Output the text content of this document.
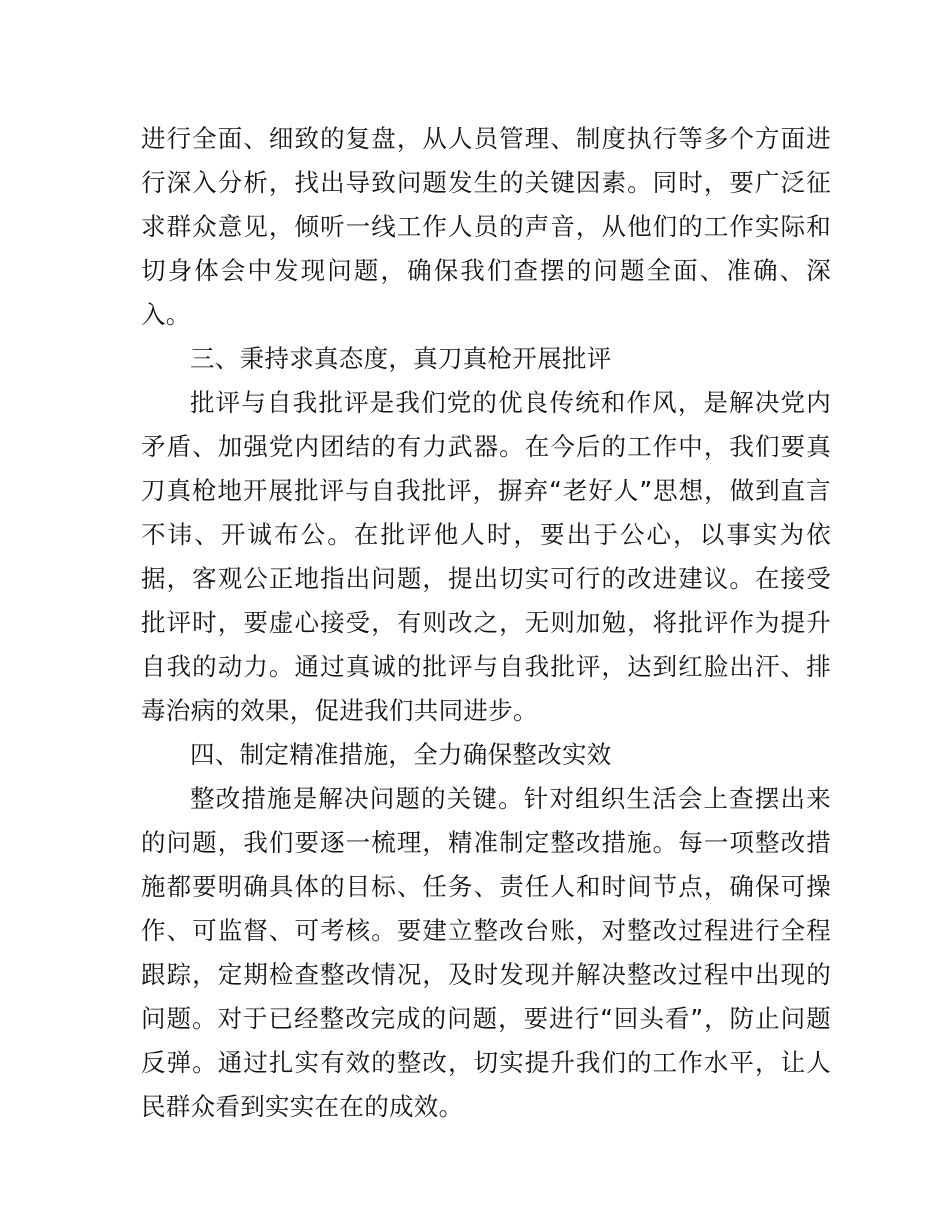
进行全面、细致的复盘，从人员管理、制度执行等多个方面进行深入分析，找出导致问题发生的关键因素。同时，要广泛征求群众意见，倾听一线工作人员的声音，从他们的工作实际和切身体会中发现问题，确保我们查摆的问题全面、准确、深入。

三、秉持求真态度，真刀真枪开展批评

批评与自我批评是我们党的优良传统和作风，是解决党内矛盾、加强党内团结的有力武器。在今后的工作中，我们要真刀真枪地开展批评与自我批评，摒弃“老好人”思想，做到直言不讳、开诚布公。在批评他人时，要出于公心，以事实为依据，客观公正地指出问题，提出切实可行的改进建议。在接受批评时，要虚心接受，有则改之，无则加勉，将批评作为提升自我的动力。通过真诚的批评与自我批评，达到红脸出汗、排毒治病的效果，促进我们共同进步。

四、制定精准措施，全力确保整改实效

整改措施是解决问题的关键。针对组织生活会上查摆出来的问题，我们要逐一梳理，精准制定整改措施。每一项整改措施都要明确具体的目标、任务、责任人和时间节点，确保可操作、可监督、可考核。要建立整改台账，对整改过程进行全程跟踪，定期检查整改情况，及时发现并解决整改过程中出现的问题。对于已经整改完成的问题，要进行“回头看”，防止问题反弹。通过扎实有效的整改，切实提升我们的工作水平，让人民群众看到实实在在的成效。
